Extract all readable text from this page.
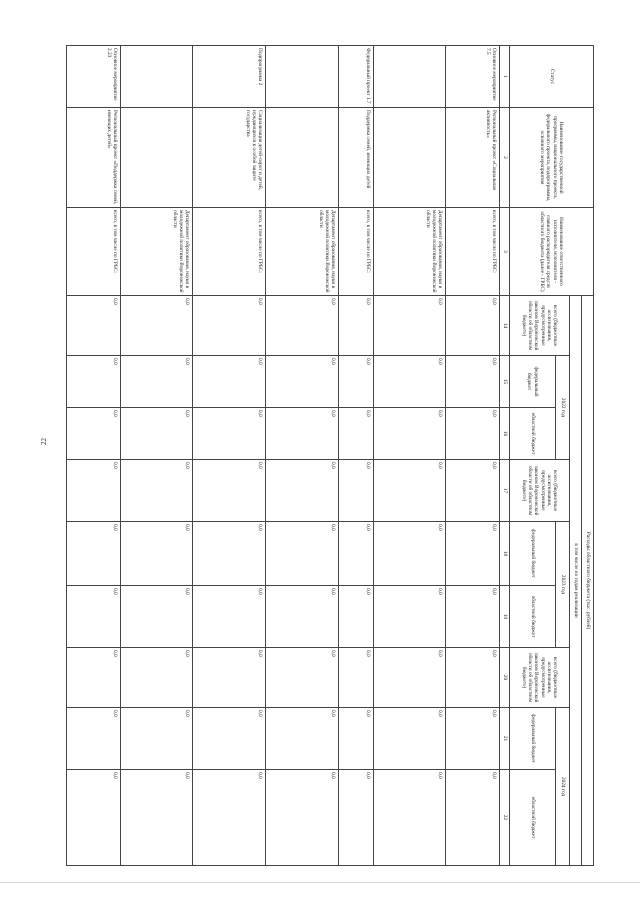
22
Статус	Наименование государственной программы, национального проекта, федерального проекта, подпрограммы, основного мероприятия	Наименование ответственного исполнителя, исполнителя - главного распорядителя средств областного бюджета (далее - ГРБС)	Расходы областного бюджета (тыс. рублей)								
			в том числе по годам реализации								
			всего (бюджетные ассигнования, предусмотренные законом Воронежской области об областном бюджете)	2022 год		всего (бюджетные ассигнования, предусмотренные законом Воронежской области об областном бюджете)	2023 год		всего (бюджетные ассигнования, предусмотренные законом Воронежской области об областном бюджете)	2024 год	
				федеральный бюджет	областной бюджет		федеральный бюджет	областной бюджет		федеральный бюджет	областной бюджет
1	2	3	14	15	16	17	18	19	20	21	22
Основное мероприятие 7.5	Региональный проект «Социальная активность»	всего, в том числе по ГРБС:	0,0	0,0	0,0	0,0	0,0	0,0	0,0	0,0	0,0
		Департамент образования, науки и молодежной политики Воронежской области	0,0	0,0	0,0	0,0	0,0	0,0	0,0	0,0	0,0
Федеральный проект 1.7	Поддержка семей, имеющих детей	всего, в том числе по ГРБС:	0,0	0,0	0,0	0,0	0,0	0,0	0,0	0,0	0,0
		Департамент образования, науки и молодежной политики Воронежской области	0,0	0,0	0,0	0,0	0,0	0,0	0,0	0,0	0,0
Подпрограмма 2	Социализация детей-сирот и детей, нуждающихся в особой защите государства	всего, в том числе по ГРБС:	0,0	0,0	0,0	0,0	0,0	0,0	0,0	0,0	0,0
		Департамент образования, науки и молодежной политики Воронежской области	0,0	0,0	0,0	0,0	0,0	0,0	0,0	0,0	0,0
Основное мероприятие 2.23	Региональный проект «Поддержка семей, имеющих детей»	всего, в том числе по ГРБС:	0,0	0,0	0,0	0,0	0,0	0,0	0,0	0,0	0,0
